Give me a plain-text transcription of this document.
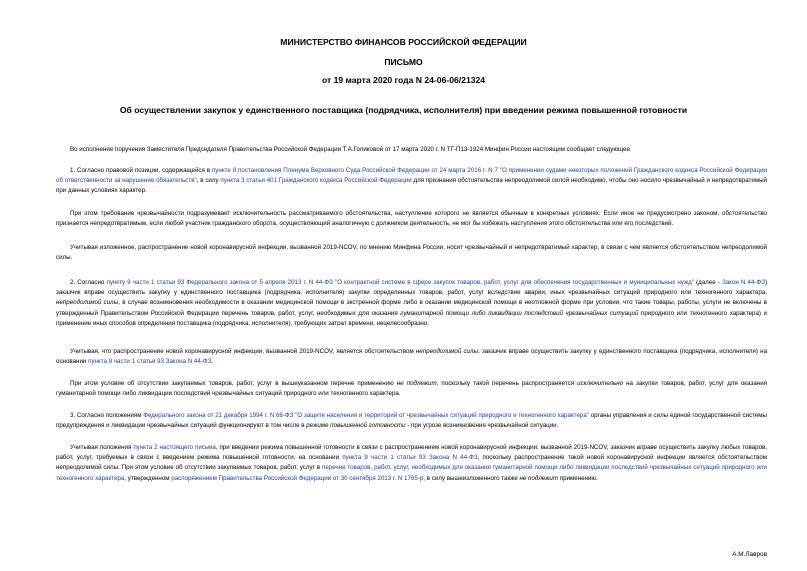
МИНИСТЕРСТВО ФИНАНСОВ РОССИЙСКОЙ ФЕДЕРАЦИИ
ПИСЬМО
от 19 марта 2020 года N 24-06-06/21324
Об осуществлении закупок у единственного поставщика (подрядчика, исполнителя) при введении режима повышенной готовности
Во исполнение поручения Заместителя Председателя Правительства Российской Федерации Т.А.Голиковой от 17 марта 2020 г. N ТГ-П13-1924 Минфин России настоящим сообщает следующее.
1. Согласно правовой позиции, содержащейся в пункте 8 постановления Пленума Верховного Суда Российской Федерации от 24 марта 2016 г. N 7 "О применении судами некоторых положений Гражданского кодекса Российской Федерации об ответственности за нарушение обязательств", в силу пункта 3 статьи 401 Гражданского кодекса Российской Федерации для признания обстоятельства непреодолимой силой необходимо, чтобы оно носило чрезвычайный и непредотвратимый при данных условиях характер.
При этом требование чрезвычайности подразумевает исключительность рассматриваемого обстоятельства, наступление которого не является обычным в конкретных условиях. Если иное не предусмотрено законом, обстоятельство признается непредотвратимым, если любой участник гражданского оборота, осуществляющий аналогичную с должником деятельность, не мог бы избежать наступления этого обстоятельства или его последствий.
Учитывая изложенное, распространение новой коронавирусной инфекции, вызванной 2019-NCOV, по мнению Минфина России, носит чрезвычайный и непредотвратимый характер, в связи с чем является обстоятельством непреодолимой силы.
2. Согласно пункту 9 части 1 статьи 93 Федерального закона от 5 апреля 2013 г. N 44-ФЗ "О контрактной системе в сфере закупок товаров, работ, услуг для обеспечения государственных и муниципальных нужд" (далее - Закон N 44-ФЗ) заказчик вправе осуществить закупку у единственного поставщика (подрядчика, исполнителя) закупки определенных товаров, работ, услуг вследствие аварии, иных чрезвычайных ситуаций природного или техногенного характера, непреодолимой силы, в случае возникновения необходимости в оказании медицинской помощи в экстренной форме либо в оказании медицинской помощи в неотложной форме при условии, что такие товары, работы, услуги не включены в утвержденный Правительством Российской Федерации перечень товаров, работ, услуг, необходимых для оказания гуманитарной помощи либо ликвидации последствий чрезвычайных ситуаций природного или техногенного характера) и применение иных способов определения поставщика (подрядчика, исполнителя), требующих затрат времени, нецелесообразно.
Учитывая, что распространение новой коронавирусной инфекции, вызванной 2019-NCOV, является обстоятельством непреодолимой силы, заказчик вправе осуществить закупку у единственного поставщика (подрядчика, исполнителя) на основании пункта 9 части 1 статьи 93 Закона N 44-ФЗ.
При этом условие об отсутствии закупаемых товаров, работ, услуг в вышеуказанном перечне применению не подлежит, поскольку такой перечень распространяется исключительно на закупки товаров, работ, услуг для оказания гуманитарной помощи либо ликвидации последствий чрезвычайных ситуаций природного или техногенного характера.
3. Согласно положениям Федерального закона от 21 декабря 1994 г. N 68-ФЗ "О защите населения и территорий от чрезвычайных ситуаций природного и техногенного характера" органы управления и силы единой государственной системы предупреждения и ликвидации чрезвычайных ситуаций функционируют в том числе в режиме повышенной готовности - при угрозе возникновения чрезвычайной ситуации.
Учитывая положения пункта 2 настоящего письма, при введении режима повышенной готовности в связи с распространением новой коронавирусной инфекции, вызванной 2019-NCOV, заказчик вправе осуществить закупку любых товаров, работ, услуг, требуемых в связи с введением режима повышенной готовности, на основании пункта 9 части 1 статьи 93 Закона N 44-ФЗ, поскольку распространение такой новой коронавирусной инфекции является обстоятельством непреодолимой силы. При этом условие об отсутствии закупаемых товаров, работ, услуг в перечне товаров, работ, услуг, необходимых для оказания гуманитарной помощи либо ликвидации последствий чрезвычайных ситуаций природного или техногенного характера, утвержденном распоряжением Правительства Российской Федерации от 30 сентября 2013 г. N 1765-р, в силу вышеизложенного также не подлежит применению.
А.М.Лавров
